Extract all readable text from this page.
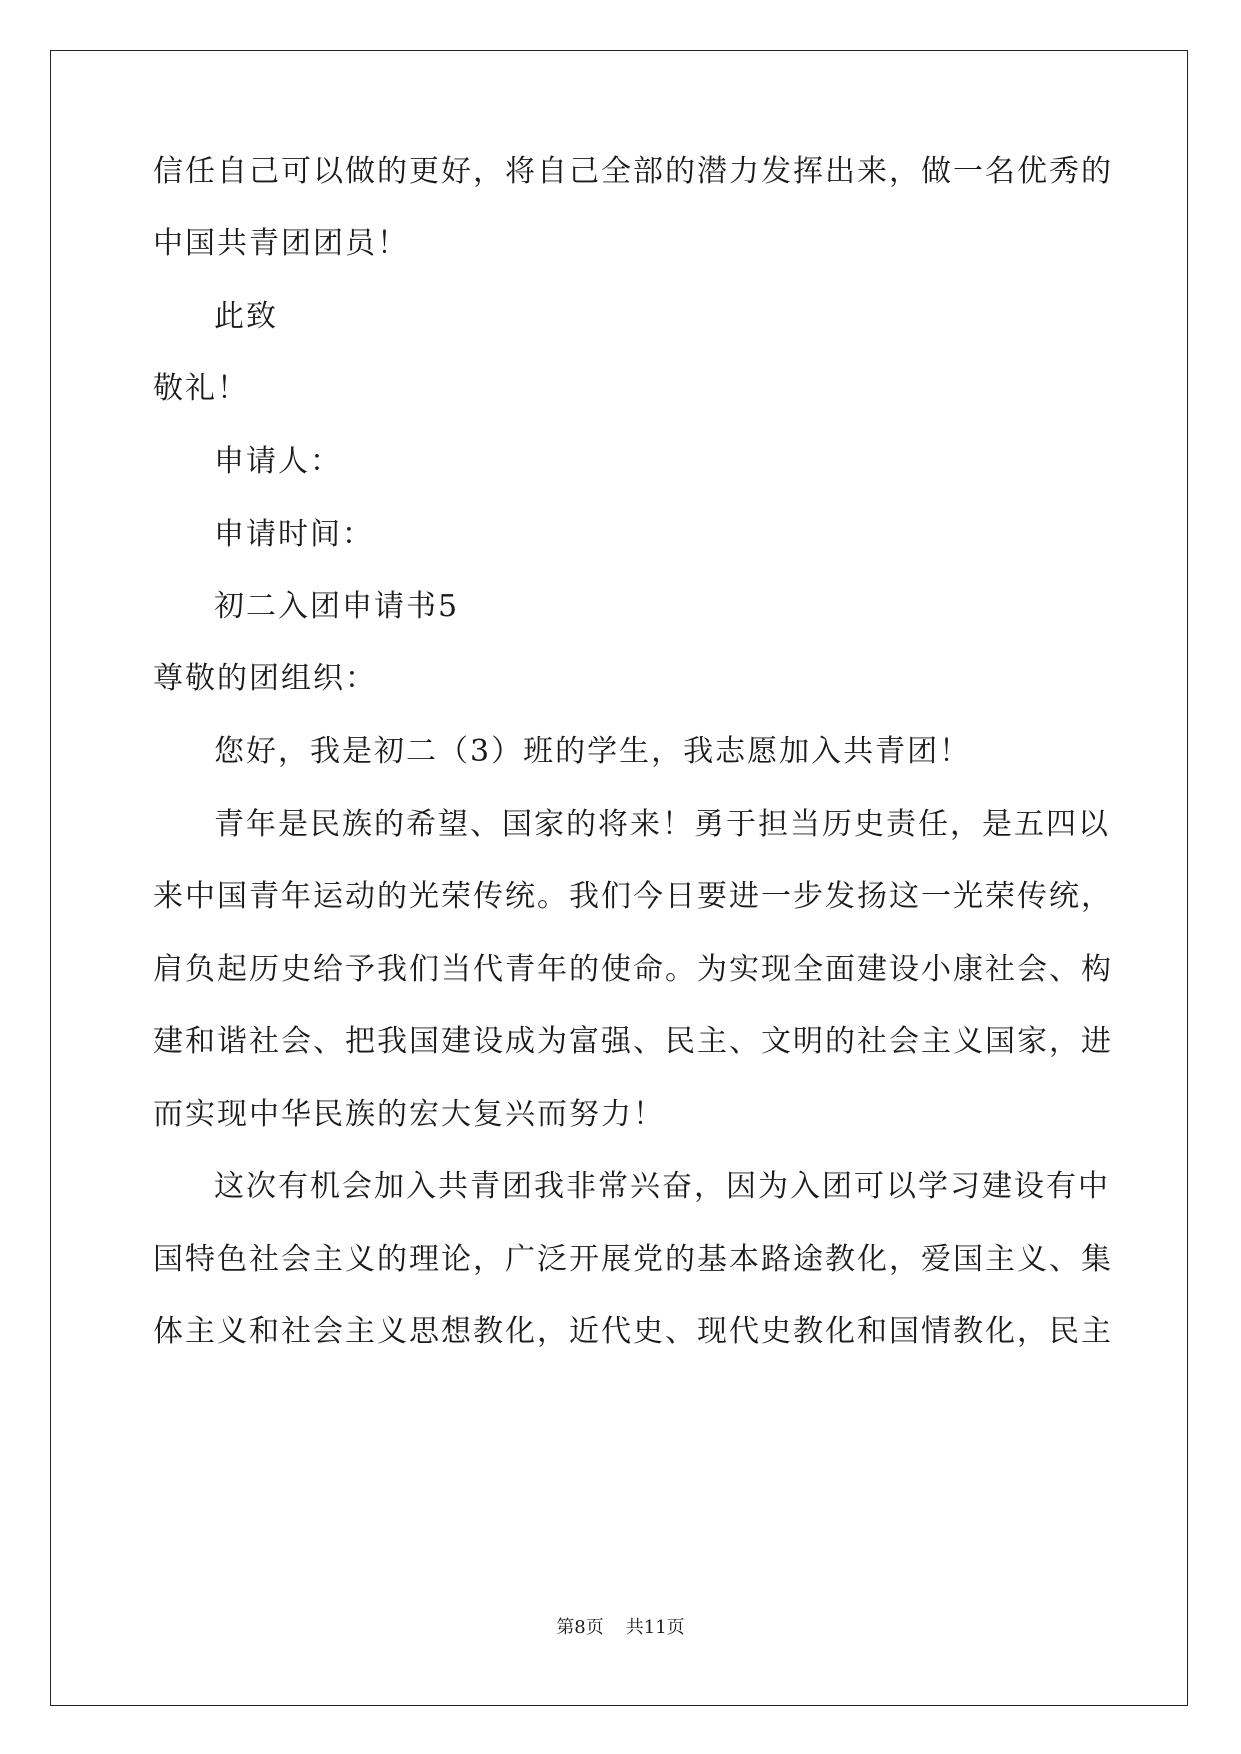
信任自己可以做的更好，将自己全部的潜力发挥出来，做一名优秀的
中国共青团团员！
此致
敬礼！
申请人：
申请时间：
初二入团申请书5
尊敬的团组织：
您好，我是初二（3）班的学生，我志愿加入共青团！
青年是民族的希望、国家的将来！勇于担当历史责任，是五四以
来中国青年运动的光荣传统。我们今日要进一步发扬这一光荣传统，
肩负起历史给予我们当代青年的使命。为实现全面建设小康社会、构
建和谐社会、把我国建设成为富强、民主、文明的社会主义国家，进
而实现中华民族的宏大复兴而努力！
这次有机会加入共青团我非常兴奋，因为入团可以学习建设有中
国特色社会主义的理论，广泛开展党的基本路途教化，爱国主义、集
体主义和社会主义思想教化，近代史、现代史教化和国情教化，民主
第8页 共11页
